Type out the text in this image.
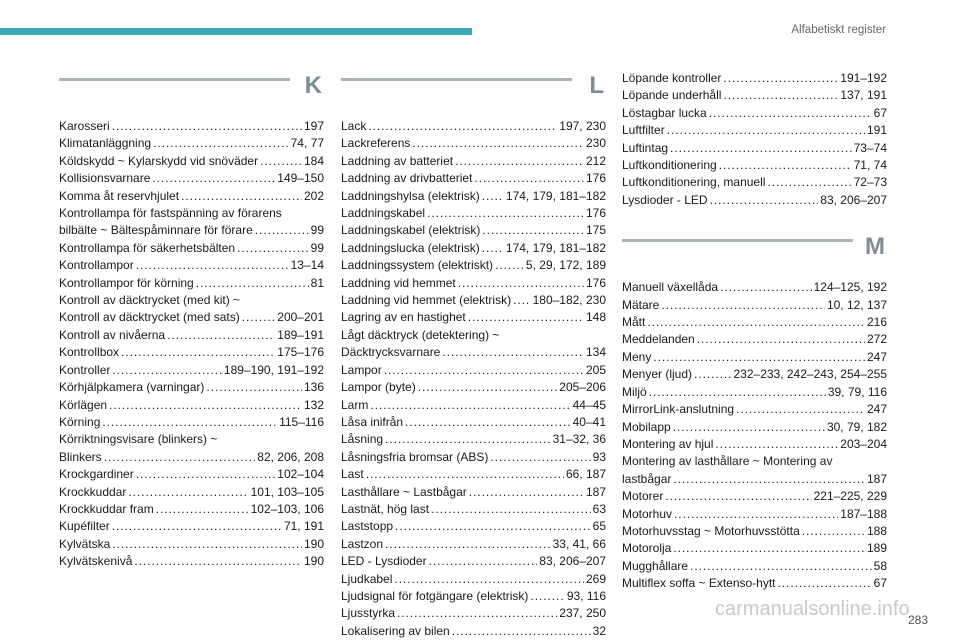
Alfabetiskt register
K
Karosseri . . .	197
Klimatanläggning . . .	74, 77
Köldskydd ~ Kylarskydd vid snöväder . . .	184
Kollisionsvarnare . . .	149–150
Komma åt reservhjulet . . .	202
Kontrollampa för fastspänning av förarens
bilbälte ~ Bältespåminnare för förare . . .	99
Kontrollampa för säkerhetsbälten . . .	99
Kontrollampor . . .	13–14
Kontrollampor för körning . . .	81
Kontroll av däcktrycket (med kit) ~
Kontroll av däcktrycket (med sats) . . .	200–201
Kontroll av nivåerna . . .	189–191
Kontrollbox . . .	175–176
Kontroller . . .	189–190, 191–192
Körhjälpkamera (varningar) . . .	136
Körlägen . . .	132
Körning . . .	115–116
Körriktningsvisare (blinkers) ~
Blinkers . . .	82, 206, 208
Krockgardiner . . .	102–104
Krockkuddar . . .	101, 103–105
Krockkuddar fram . . .	102–103, 106
Kupéfilter . . .	71, 191
Kylvätska . . .	190
Kylvätskenivå . . .	190
L
Lack . . .	197, 230
Lackreferens . . .	230
Laddning av batteriet . . .	212
Laddning av drivbatteriet . . .	176
Laddningshylsa (elektrisk) . . . 174, 179, 181–182
Laddningskabel . . .	176
Laddningskabel (elektrisk) . . .	175
Laddningslucka (elektrisk) . . . 174, 179, 181–182
Laddningssystem (elektriskt) . . .	5, 29, 172, 189
Laddning vid hemmet . . .	176
Laddning vid hemmet (elektrisk) . . . 180–182, 230
Lagring av en hastighet . . .	148
Lågt däcktryck (detektering) ~
Däcktrycksvarnare . . .	134
Lampor . . .	205
Lampor (byte) . . .	205–206
Larm . . .	44–45
Låsa inifrån . . .	40–41
Låsning . . .	31–32, 36
Låsningsfria bromsar (ABS) . . .	93
Last . . .	66, 187
Lasthållare ~ Lastbågar . . .	187
Lastnät, hög last . . .	63
Laststopp . . .	65
Lastzon . . .	33, 41, 66
LED - Lysdioder . . .	83, 206–207
Ljudkabel . . .	269
Ljudsignal för fotgängare (elektrisk) . . .	93, 116
Ljusstyrka . . .	237, 250
Lokalisering av bilen . . .	32
Löpande kontroller . . .	191–192
Löpande underhåll . . .	137, 191
Löstagbar lucka . . .	67
Luftfilter . . .	191
Luftintag . . .	73–74
Luftkonditionering . . .	71, 74
Luftkonditionering, manuell . . .	72–73
Lysdioder - LED . . .	83, 206–207
M
Manuell växellåda . . .	124–125, 192
Mätare . . .	10, 12, 137
Mått . . .	216
Meddelanden . . .	272
Meny . . .	247
Menyer (ljud) . . .	232–233, 242–243, 254–255
Miljö . . .	39, 79, 116
MirrorLink-anslutning . . .	247
Mobilapp . . .	30, 79, 182
Montering av hjul . . .	203–204
Montering av lasthållare ~ Montering av
lastbågar . . .	187
Motorer . . .	221–225, 229
Motorhuv . . .	187–188
Motorhuvsstag ~ Motorhuvsstötta . . .	188
Motorolja . . .	189
Mugghållare . . .	58
Multiflex soffa ~ Extenso-hytt . . .	67
283
carmanualsonline.info
